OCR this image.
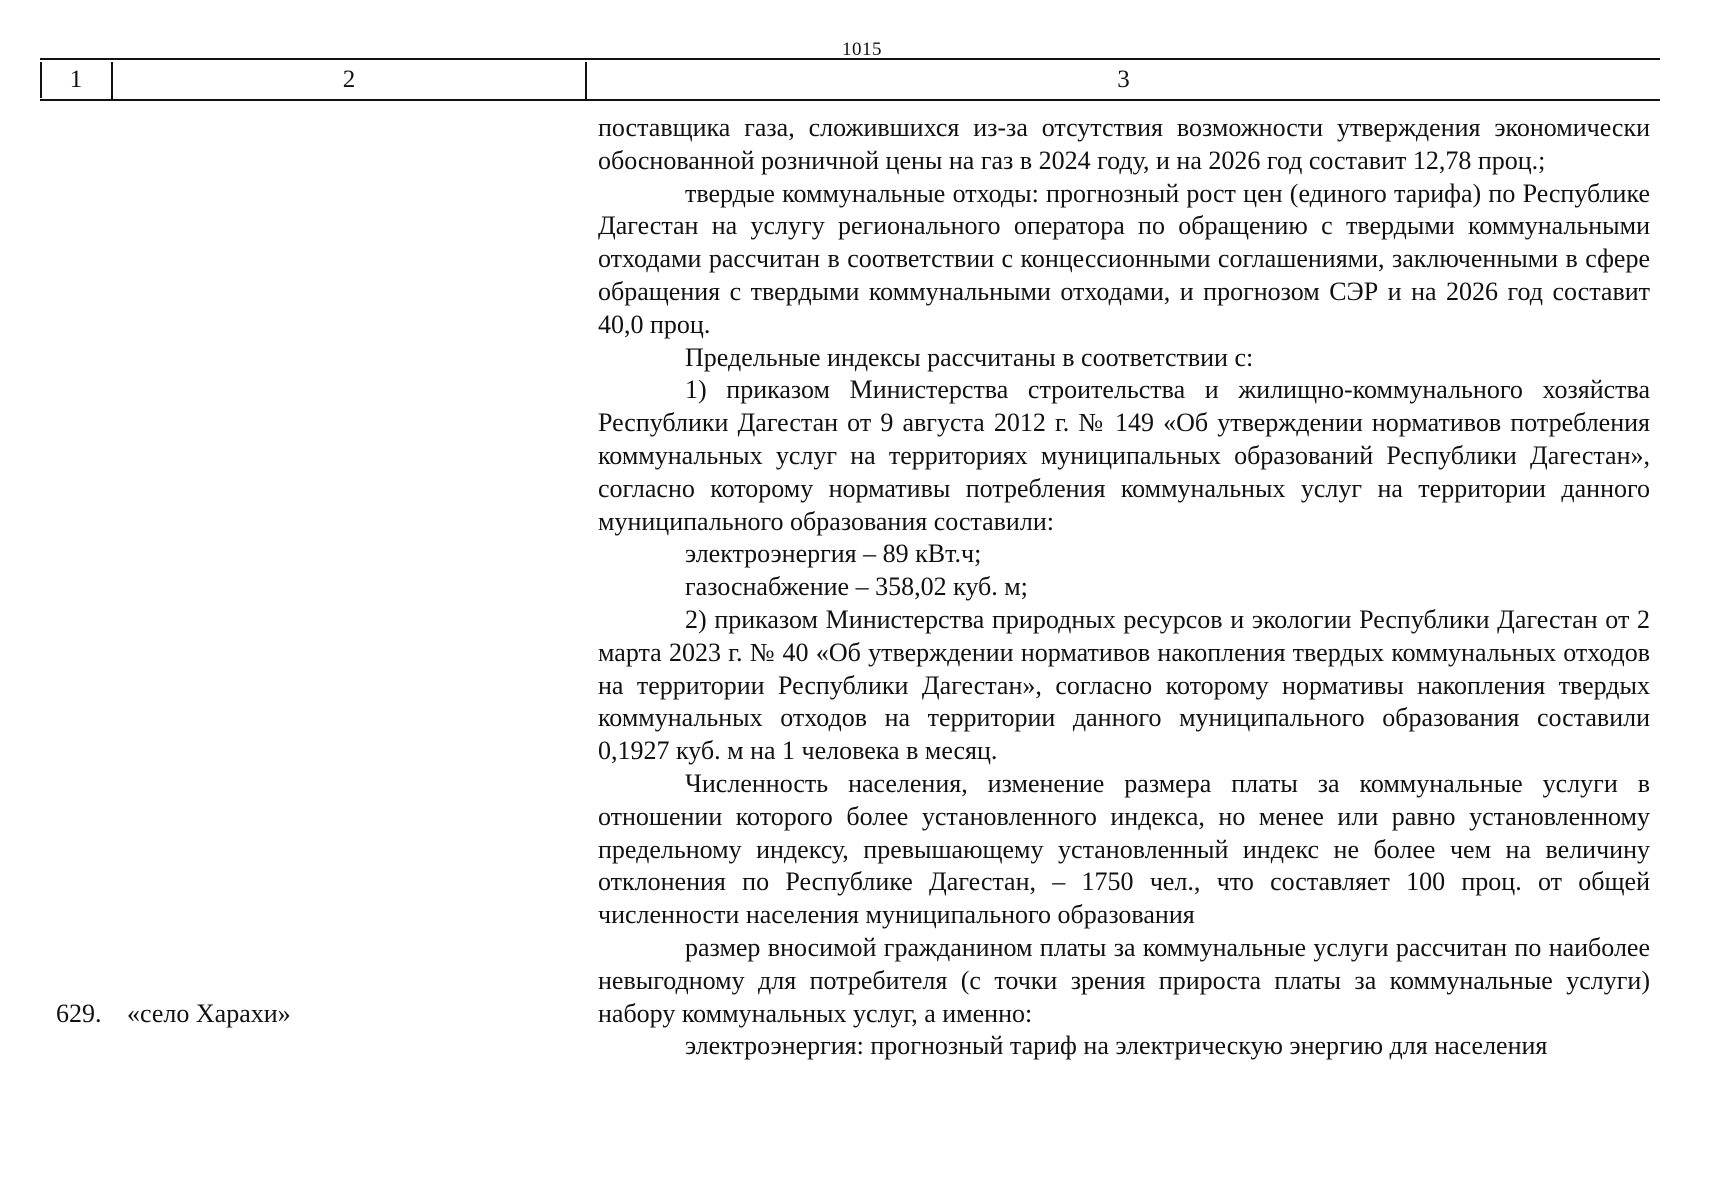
1015
1	2	3

поставщика газа, сложившихся из-за отсутствия возможности утверждения экономически обоснованной розничной цены на газ в 2024 году, и на 2026 год составит 12,78 проц.;

твердые коммунальные отходы: прогнозный рост цен (единого тарифа) по Республике Дагестан на услугу регионального оператора по обращению с твердыми коммунальными отходами рассчитан в соответствии с концессионными соглашениями, заключенными в сфере обращения с твердыми коммунальными отходами, и прогнозом СЭР и на 2026 год составит 40,0 проц.

Предельные индексы рассчитаны в соответствии с:

1) приказом Министерства строительства и жилищно-коммунального хозяйства Республики Дагестан от 9 августа 2012 г. № 149 «Об утверждении нормативов потребления коммунальных услуг на территориях муниципальных образований Республики Дагестан», согласно которому нормативы потребления коммунальных услуг на территории данного муниципального образования составили:

электроэнергия – 89 кВт.ч;

газоснабжение – 358,02 куб. м;

2) приказом Министерства природных ресурсов и экологии Республики Дагестан от 2 марта 2023 г. № 40 «Об утверждении нормативов накопления твердых коммунальных отходов на территории Республики Дагестан», согласно которому нормативы накопления твердых коммунальных отходов на территории данного муниципального образования составили 0,1927 куб. м на 1 человека в месяц.

Численность населения, изменение размера платы за коммунальные услуги в отношении которого более установленного индекса, но менее или равно установленному предельному индексу, превышающему установленный индекс не более чем на величину отклонения по Республике Дагестан, – 1750 чел., что составляет 100 проц. от общей численности населения муниципального образования

размер вносимой гражданином платы за коммунальные услуги рассчитан по наиболее невыгодному для потребителя (с точки зрения прироста платы за коммунальные услуги) набору коммунальных услуг, а именно:

электроэнергия: прогнозный тариф на электрическую энергию для населения

629. «село Харахи»
